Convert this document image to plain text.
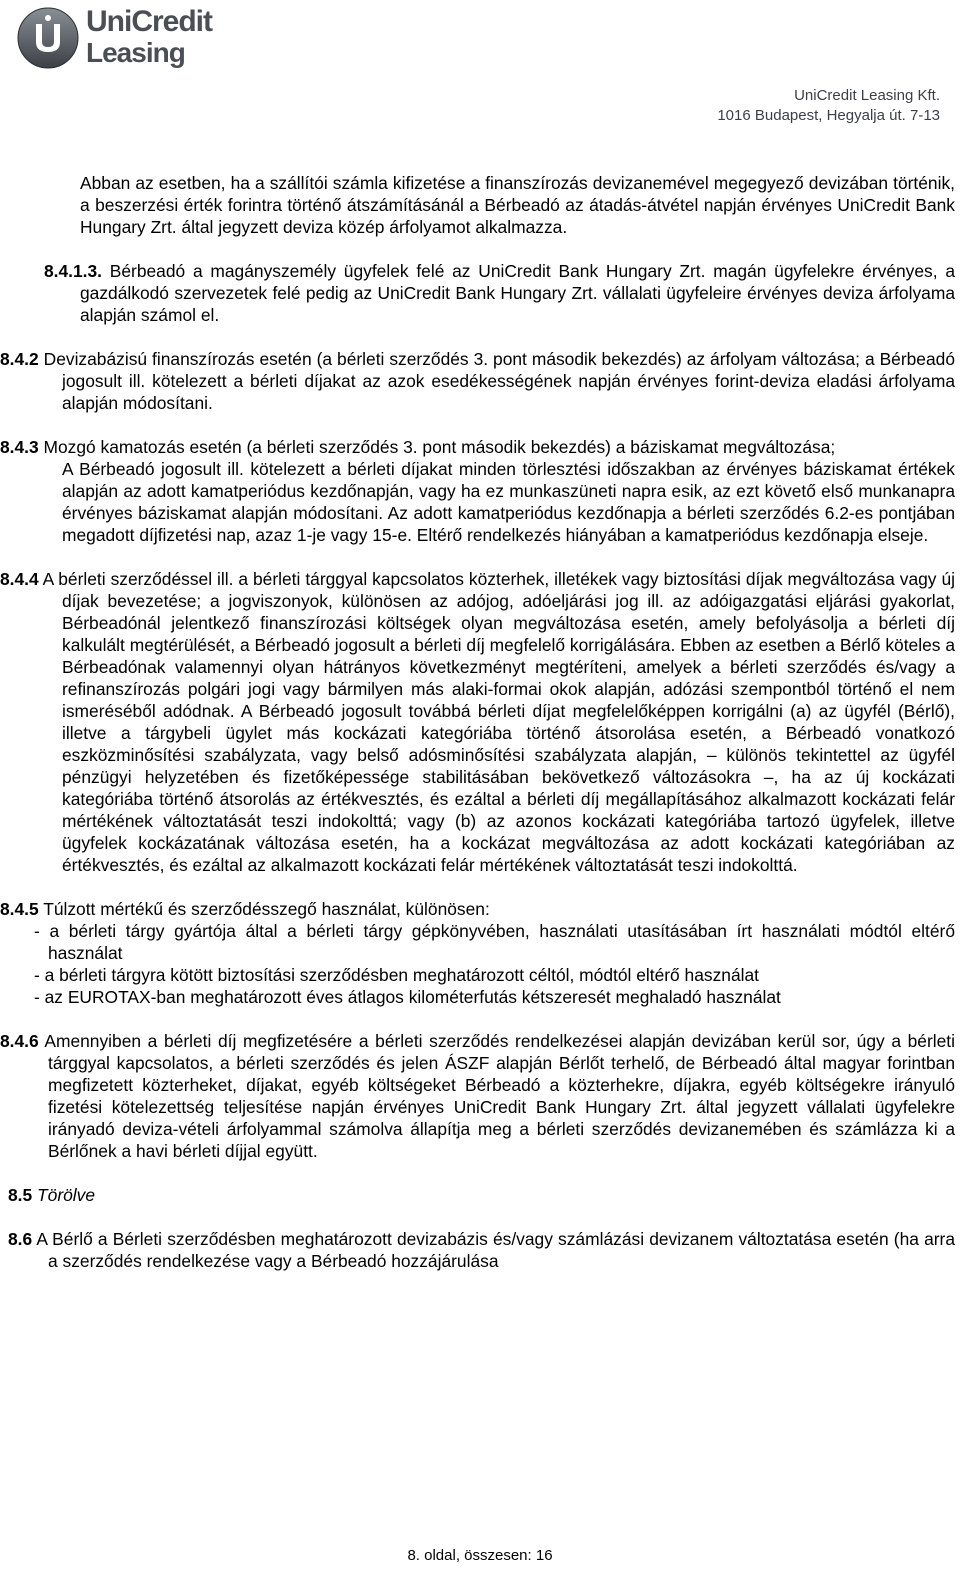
UniCredit
Leasing
UniCredit Leasing Kft.
1016 Budapest, Hegyalja út. 7-13

Abban az esetben, ha a szállítói számla kifizetése a finanszírozás devizanemével megegyező devizában történik, a beszerzési érték forintra történő átszámításánál a Bérbeadó az átadás-átvétel napján érvényes UniCredit Bank Hungary Zrt. által jegyzett deviza közép árfolyamot alkalmazza.

8.4.1.3. Bérbeadó a magányszemély ügyfelek felé az UniCredit Bank Hungary Zrt. magán ügyfelekre érvényes, a gazdálkodó szervezetek felé pedig az UniCredit Bank Hungary Zrt. vállalati ügyfeleire érvényes deviza árfolyama alapján számol el.

8.4.2 Devizabázisú finanszírozás esetén (a bérleti szerződés 3. pont második bekezdés) az árfolyam változása; a Bérbeadó jogosult ill. kötelezett a bérleti díjakat az azok esedékességének napján érvényes forint-deviza eladási árfolyama alapján módosítani.

8.4.3 Mozgó kamatozás esetén (a bérleti szerződés 3. pont második bekezdés) a báziskamat megváltozása;
A Bérbeadó jogosult ill. kötelezett a bérleti díjakat minden törlesztési időszakban az érvényes báziskamat értékek alapján az adott kamatperiódus kezdőnapján, vagy ha ez munkaszüneti napra esik, az ezt követő első munkanapra érvényes báziskamat alapján módosítani. Az adott kamatperiódus kezdőnapja a bérleti szerződés 6.2-es pontjában megadott díjfizetési nap, azaz 1-je vagy 15-e. Eltérő rendelkezés hiányában a kamatperiódus kezdőnapja elseje.

8.4.4 A bérleti szerződéssel ill. a bérleti tárggyal kapcsolatos közterhek, illetékek vagy biztosítási díjak megváltozása vagy új díjak bevezetése; a jogviszonyok, különösen az adójog, adóeljárási jog ill. az adóigazgatási eljárási gyakorlat, Bérbeadónál jelentkező finanszírozási költségek olyan megváltozása esetén, amely befolyásolja a bérleti díj kalkulált megtérülését, a Bérbeadó jogosult a bérleti díj megfelelő korrigálására. Ebben az esetben a Bérlő köteles a Bérbeadónak valamennyi olyan hátrányos következményt megtéríteni, amelyek a bérleti szerződés és/vagy a refinanszírozás polgári jogi vagy bármilyen más alaki-formai okok alapján, adózási szempontból történő el nem ismeréséből adódnak. A Bérbeadó jogosult továbbá bérleti díjat megfelelőképpen korrigálni (a) az ügyfél (Bérlő), illetve a tárgybeli ügylet más kockázati kategóriába történő átsorolása esetén, a Bérbeadó vonatkozó eszközminősítési szabályzata, vagy belső adósminősítési szabályzata alapján, – különös tekintettel az ügyfél pénzügyi helyzetében és fizetőképessége stabilitásában bekövetkező változásokra –, ha az új kockázati kategóriába történő átsorolás az értékvesztés, és ezáltal a bérleti díj megállapításához alkalmazott kockázati felár mértékének változtatását teszi indokolttá; vagy (b) az azonos kockázati kategóriába tartozó ügyfelek, illetve ügyfelek kockázatának változása esetén, ha a kockázat megváltozása az adott kockázati kategóriában az értékvesztés, és ezáltal az alkalmazott kockázati felár mértékének változtatását teszi indokolttá.

8.4.5 Túlzott mértékű és szerződésszegő használat, különösen:
- a bérleti tárgy gyártója által a bérleti tárgy gépkönyvében, használati utasításában írt használati módtól eltérő használat
- a bérleti tárgyra kötött biztosítási szerződésben meghatározott céltól, módtól eltérő használat
- az EUROTAX-ban meghatározott éves átlagos kilométerfutás kétszeresét meghaladó használat

8.4.6 Amennyiben a bérleti díj megfizetésére a bérleti szerződés rendelkezései alapján devizában kerül sor, úgy a bérleti tárggyal kapcsolatos, a bérleti szerződés és jelen ÁSZF alapján Bérlőt terhelő, de Bérbeadó által magyar forintban megfizetett közterheket, díjakat, egyéb költségeket Bérbeadó a közterhekre, díjakra, egyéb költségekre irányuló fizetési kötelezettség teljesítése napján érvényes UniCredit Bank Hungary Zrt. által jegyzett vállalati ügyfelekre irányadó deviza-vételi árfolyammal számolva állapítja meg a bérleti szerződés devizanemében és számlázza ki a Bérlőnek a havi bérleti díjjal együtt.

8.5 Törölve

8.6 A Bérlő a Bérleti szerződésben meghatározott devizabázis és/vagy számlázási devizanem változtatása esetén (ha arra a szerződés rendelkezése vagy a Bérbeadó hozzájárulása

8. oldal, összesen: 16
